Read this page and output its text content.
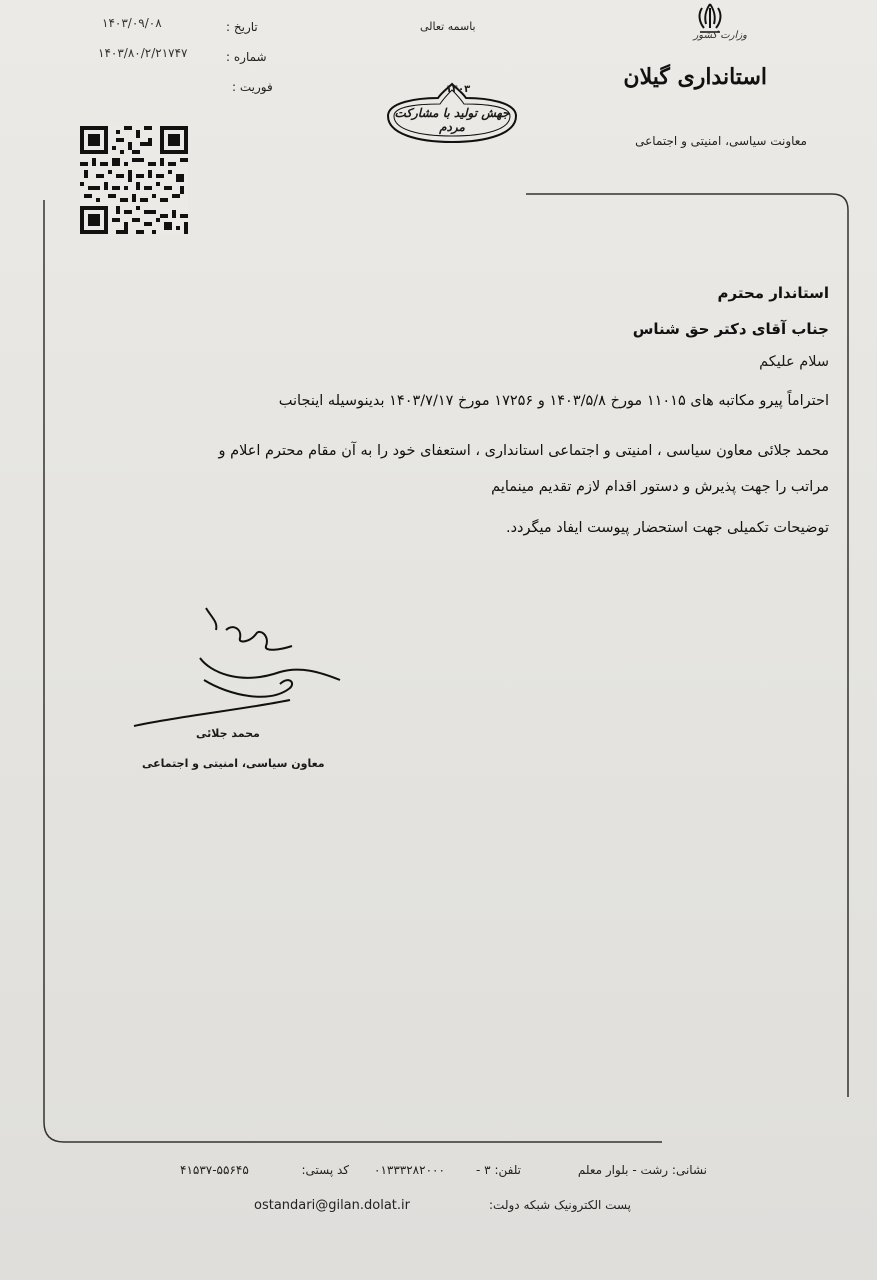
وزارت کشور
استانداری گیلان
معاونت سیاسی، امنیتی و اجتماعی
باسمه تعالی
۱۴۰۳
جهش تولید با مشارکت مردم
تاریخ :
۱۴۰۳/۰۹/۰۸
شماره :
۱۴۰۳/۸۰/۲/۲۱۷۴۷
فوریت :
استاندار محترم
جناب آقای دکتر حق شناس
سلام علیکم
احتراماً پیرو مکاتبه های ۱۱۰۱۵ مورخ ۱۴۰۳/۵/۸ و ۱۷۲۵۶ مورخ ۱۴۰۳/۷/۱۷ بدینوسیله اینجانب
محمد جلائی معاون سیاسی ، امنیتی و اجتماعی استانداری ، استعفای خود را به آن مقام محترم اعلام و
مراتب را جهت پذیرش و دستور اقدام لازم تقدیم مینمایم
توضیحات تکمیلی جهت استحضار پیوست ایفاد میگردد.
محمد جلائی
معاون سیاسی، امنیتی و اجتماعی
نشانی: رشت - بلوار معلم
تلفن: ۳ -
۰۱۳۳۳۲۸۲۰۰۰
کد پستی:
۴۱۵۳۷-۵۵۶۴۵
پست الکترونیک شبکه دولت:
ostandari@gilan.dolat.ir
